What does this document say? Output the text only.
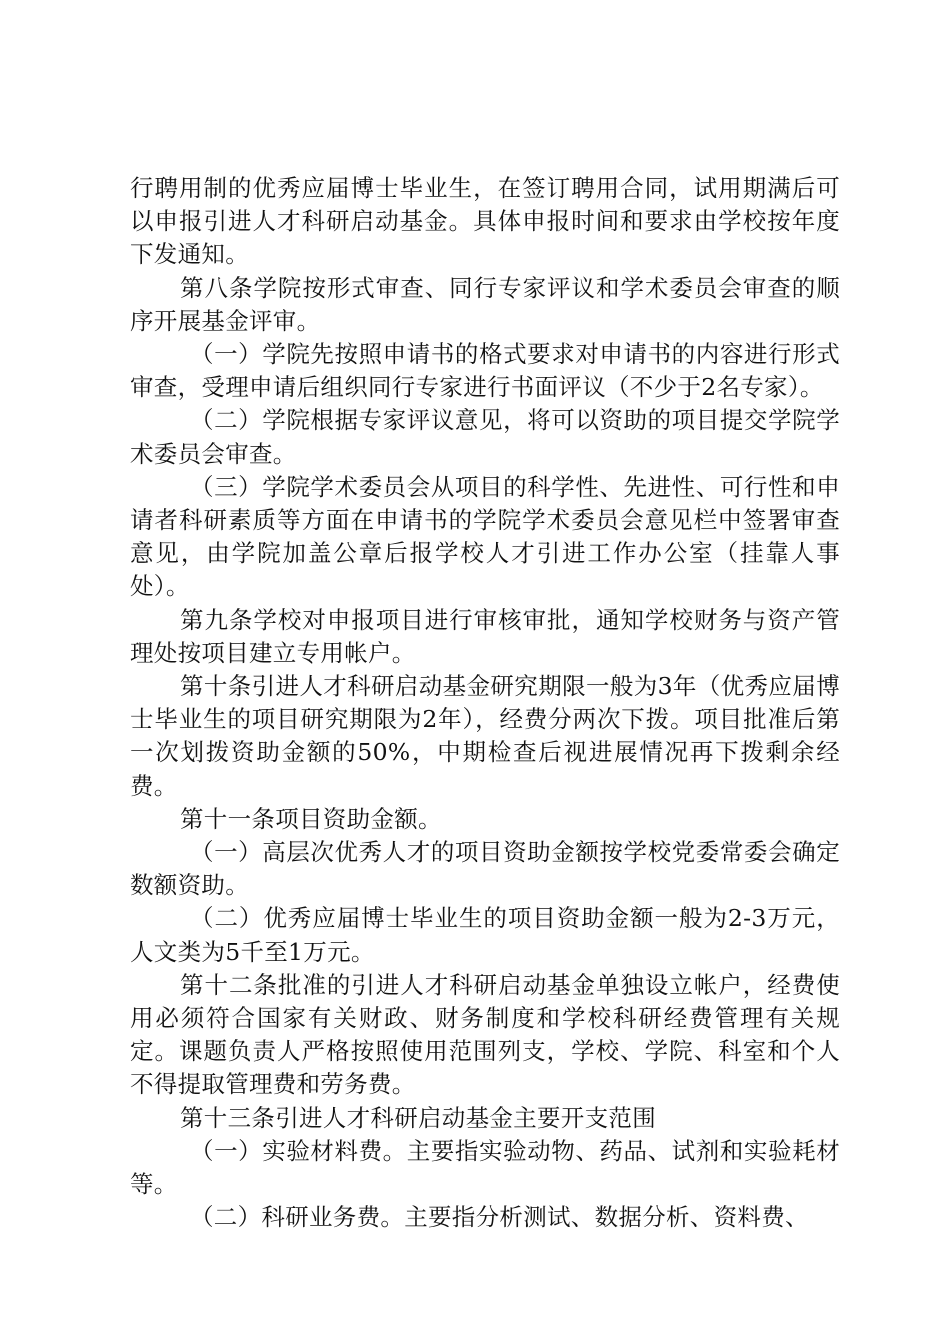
行聘用制的优秀应届博士毕业生，在签订聘用合同，试用期满后可以申报引进人才科研启动基金。具体申报时间和要求由学校按年度下发通知。

第八条学院按形式审查、同行专家评议和学术委员会审查的顺序开展基金评审。

（一）学院先按照申请书的格式要求对申请书的内容进行形式审查，受理申请后组织同行专家进行书面评议（不少于2名专家）。

（二）学院根据专家评议意见，将可以资助的项目提交学院学术委员会审查。

（三）学院学术委员会从项目的科学性、先进性、可行性和申请者科研素质等方面在申请书的学院学术委员会意见栏中签署审查意见，由学院加盖公章后报学校人才引进工作办公室（挂靠人事处）。

第九条学校对申报项目进行审核审批，通知学校财务与资产管理处按项目建立专用帐户。

第十条引进人才科研启动基金研究期限一般为3年（优秀应届博士毕业生的项目研究期限为2年），经费分两次下拨。项目批准后第一次划拨资助金额的50%，中期检查后视进展情况再下拨剩余经费。

第十一条项目资助金额。

（一）高层次优秀人才的项目资助金额按学校党委常委会确定数额资助。

（二）优秀应届博士毕业生的项目资助金额一般为2-3万元，人文类为5千至1万元。

第十二条批准的引进人才科研启动基金单独设立帐户，经费使用必须符合国家有关财政、财务制度和学校科研经费管理有关规定。课题负责人严格按照使用范围列支，学校、学院、科室和个人不得提取管理费和劳务费。

第十三条引进人才科研启动基金主要开支范围

（一）实验材料费。主要指实验动物、药品、试剂和实验耗材等。

（二）科研业务费。主要指分析测试、数据分析、资料费、
